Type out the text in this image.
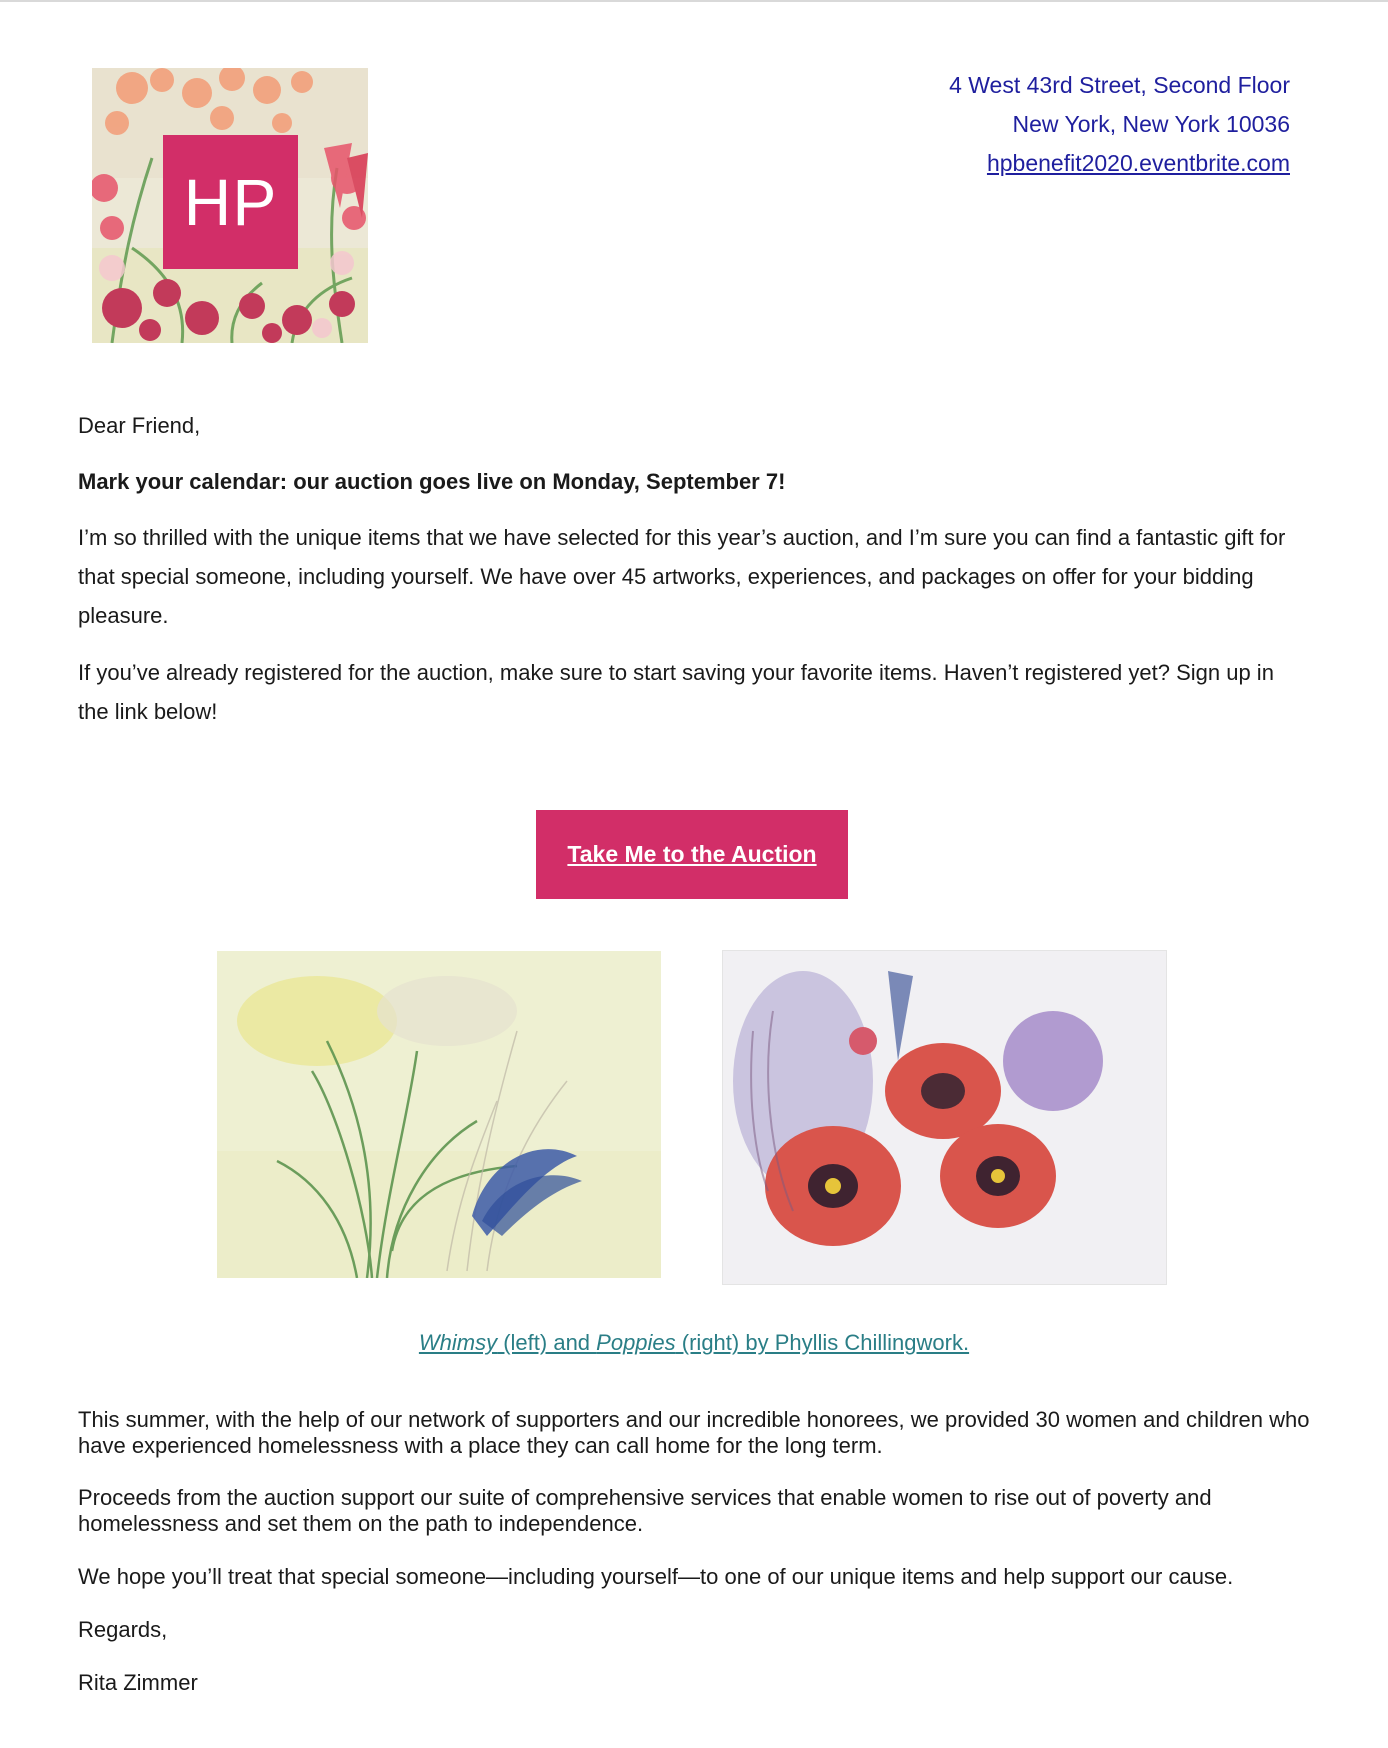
HP
4 West 43rd Street, Second Floor
New York, New York 10036
hpbenefit2020.eventbrite.com

Dear Friend,

Mark your calendar: our auction goes live on Monday, September 7!

I’m so thrilled with the unique items that we have selected for this year’s auction, and I’m sure you can find a fantastic gift for that special someone, including yourself. We have over 45 artworks, experiences, and packages on offer for your bidding pleasure.

If you’ve already registered for the auction, make sure to start saving your favorite items. Haven’t registered yet? Sign up in the link below!

Take Me to the Auction
Whimsy (left) and Poppies (right) by Phyllis Chillingwork.

This summer, with the help of our network of supporters and our incredible honorees, we provided 30 women and children who have experienced homelessness with a place they can call home for the long term.

Proceeds from the auction support our suite of comprehensive services that enable women to rise out of poverty and homelessness and set them on the path to independence.

We hope you’ll treat that special someone—including yourself—to one of our unique items and help support our cause.

Regards,

Rita Zimmer
